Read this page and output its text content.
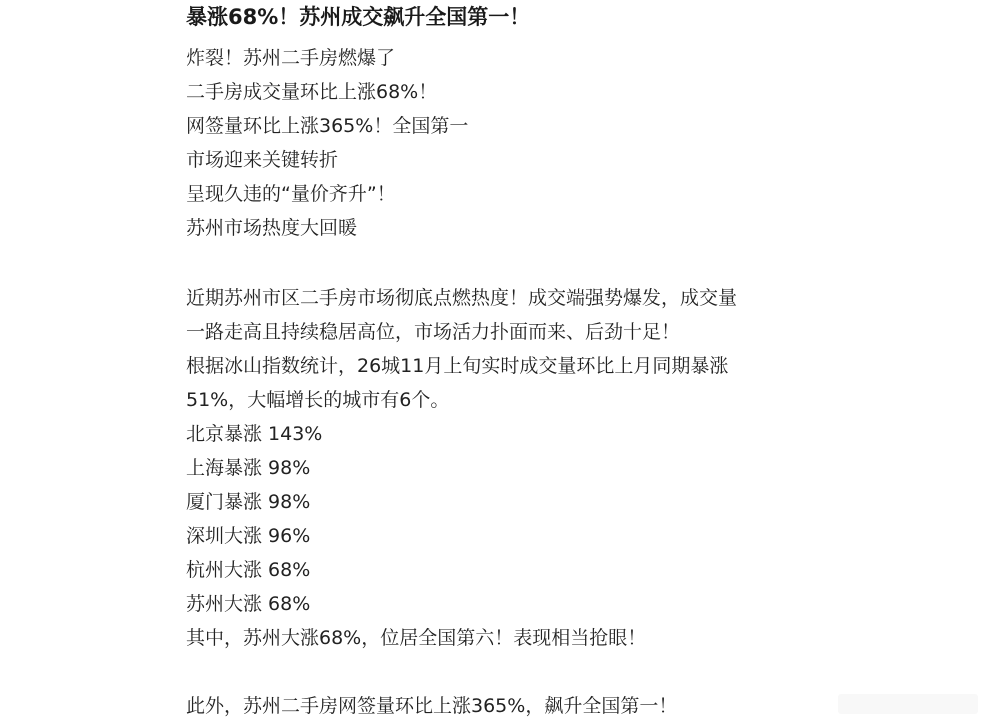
暴涨68%！苏州成交飙升全国第一！
炸裂！苏州二手房燃爆了
二手房成交量环比上涨68%！
网签量环比上涨365%！全国第一
市场迎来关键转折
呈现久违的“量价齐升”！
苏州市场热度大回暖
近期苏州市区二手房市场彻底点燃热度！成交端强势爆发，成交量
一路走高且持续稳居高位，市场活力扑面而来、后劲十足！
根据冰山指数统计，26城11月上旬实时成交量环比上月同期暴涨
51%，大幅增长的城市有6个。
北京暴涨 143%
上海暴涨 98%
厦门暴涨 98%
深圳大涨 96%
杭州大涨 68%
苏州大涨 68%
其中，苏州大涨68%，位居全国第六！表现相当抢眼！
此外，苏州二手房网签量环比上涨365%，飙升全国第一！
